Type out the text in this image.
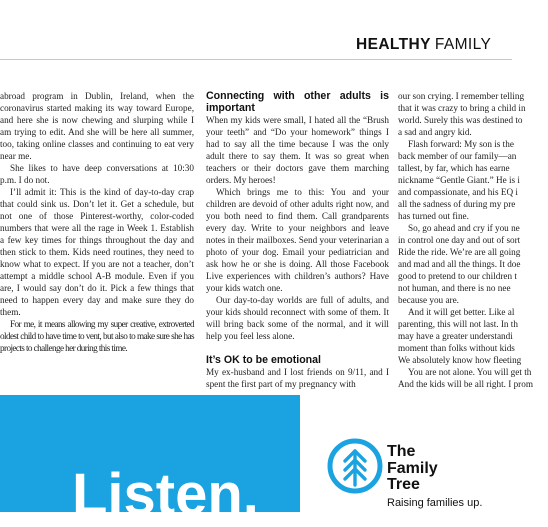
HEALTHY FAMILY

abroad program in Dublin, Ireland, when the coronavirus started making its way toward Europe, and here she is now chewing and slurping while I am trying to edit. And she will be here all summer, too, taking online classes and continuing to eat very near me.

She likes to have deep conversations at 10:30 p.m. I do not.

I’ll admit it: This is the kind of day-to-day crap that could sink us. Don’t let it. Get a schedule, but not one of those Pinterest-worthy, color-coded numbers that were all the rage in Week 1. Establish a few key times for things throughout the day and then stick to them. Kids need routines, they need to know what to expect. If you are not a teacher, don’t attempt a middle school A-B module. Even if you are, I would say don’t do it. Pick a few things that need to happen every day and make sure they do them.

For me, it means allowing my super creative, extroverted oldest child to have time to vent, but also to make sure she has projects to challenge her during this time.

Connecting with other adults is important

When my kids were small, I hated all the “Brush your teeth” and “Do your homework” things I had to say all the time because I was the only adult there to say them. It was so great when teachers or their doctors gave them marching orders. My heroes!

Which brings me to this: You and your children are devoid of other adults right now, and you both need to find them. Call grandparents every day. Write to your neighbors and leave notes in their mailboxes. Send your veterinarian a photo of your dog. Email your pediatrician and ask how he or she is doing. All those Facebook Live experiences with children’s authors? Have your kids watch one.

Our day-to-day worlds are full of adults, and your kids should reconnect with some of them. It will bring back some of the normal, and it will help you feel less alone.

It’s OK to be emotional

My ex-husband and I lost friends on 9/11, and I spent the first part of my pregnancy with

our son crying. I remember telling

that it was crazy to bring a child in

world. Surely this was destined to

a sad and angry kid.

Flash forward: My son is the

back member of our family—an

tallest, by far, which has earne

nickname “Gentle Giant.” He is i

and compassionate, and his EQ i

all the sadness of during my pre

has turned out fine.

So, go ahead and cry if you ne

in control one day and out of sort

Ride the ride. We’re are all going

and mad and all the things. It doe

good to pretend to our children t

not human, and there is no nee

because you are.

And it will get better. Like al

parenting, this will not last. In th

may have a greater understandi

moment than folks without kids

We absolutely know how fleeting

You are not alone. You will get th

And the kids will be all right. I prom

Listen.
The
Family
Tree
Raising families up.
